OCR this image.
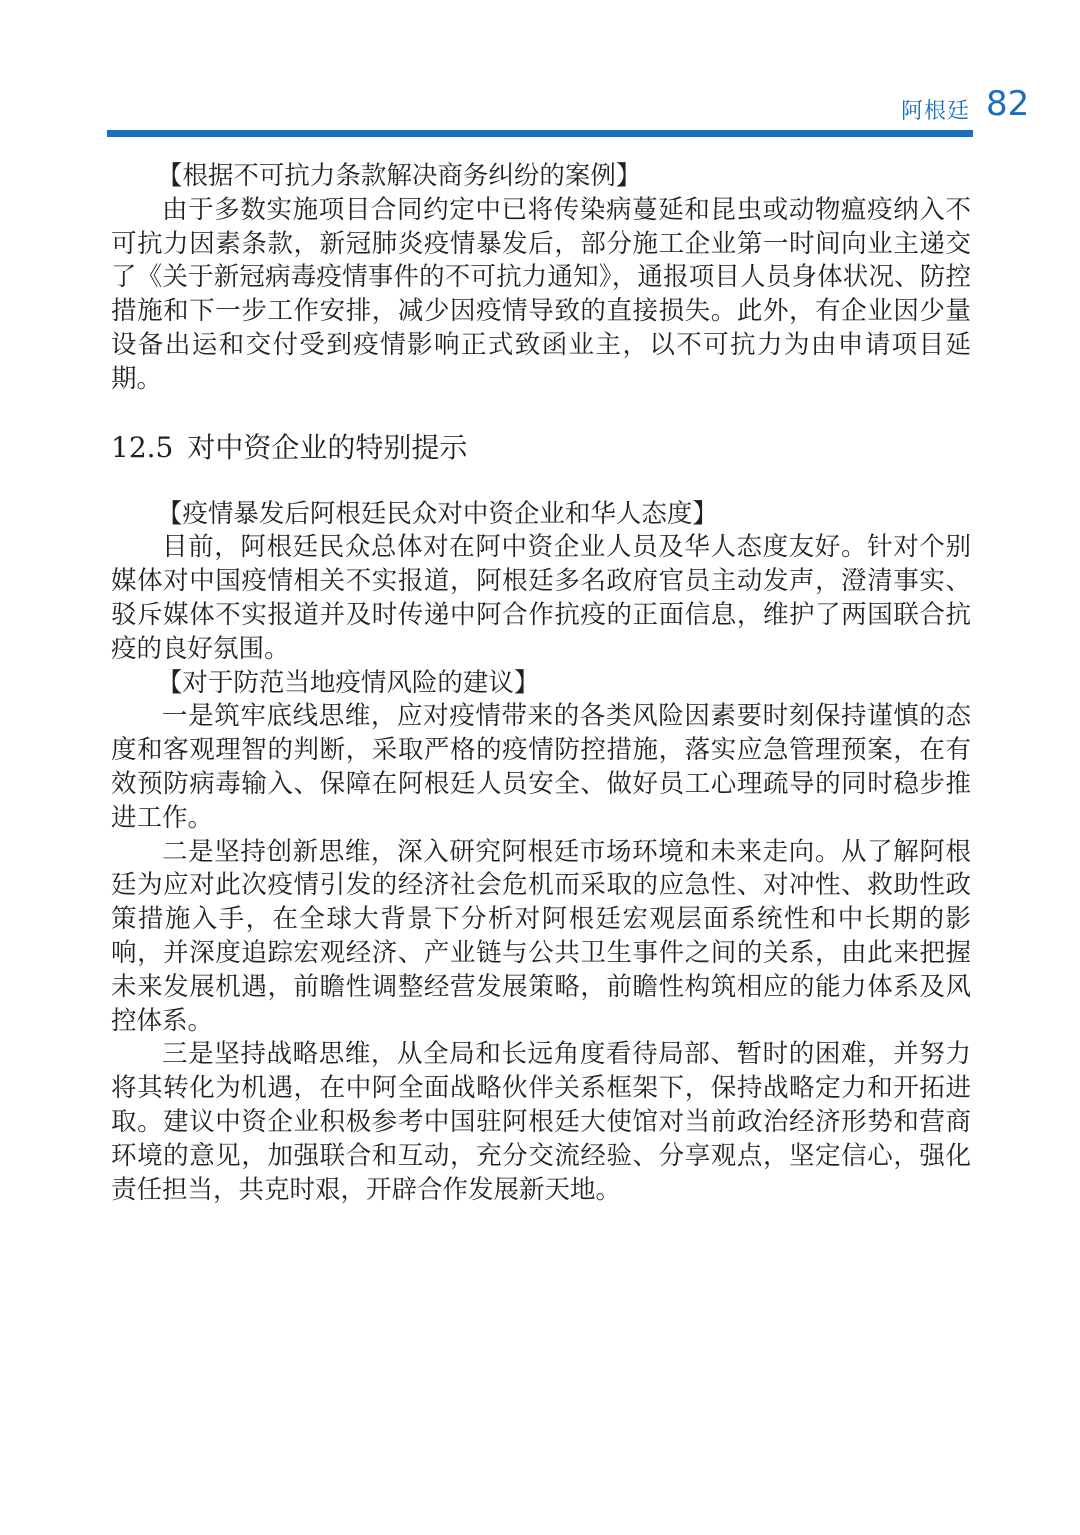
阿根廷 82

【根据不可抗力条款解决商务纠纷的案例】

由于多数实施项目合同约定中已将传染病蔓延和昆虫或动物瘟疫纳入不可抗力因素条款，新冠肺炎疫情暴发后，部分施工企业第一时间向业主递交了《关于新冠病毒疫情事件的不可抗力通知》，通报项目人员身体状况、防控措施和下一步工作安排，减少因疫情导致的直接损失。此外，有企业因少量设备出运和交付受到疫情影响正式致函业主，以不可抗力为由申请项目延期。

12.5 对中资企业的特别提示

【疫情暴发后阿根廷民众对中资企业和华人态度】

目前，阿根廷民众总体对在阿中资企业人员及华人态度友好。针对个别媒体对中国疫情相关不实报道，阿根廷多名政府官员主动发声，澄清事实、驳斥媒体不实报道并及时传递中阿合作抗疫的正面信息，维护了两国联合抗疫的良好氛围。

【对于防范当地疫情风险的建议】

一是筑牢底线思维，应对疫情带来的各类风险因素要时刻保持谨慎的态度和客观理智的判断，采取严格的疫情防控措施，落实应急管理预案，在有效预防病毒输入、保障在阿根廷人员安全、做好员工心理疏导的同时稳步推进工作。

二是坚持创新思维，深入研究阿根廷市场环境和未来走向。从了解阿根廷为应对此次疫情引发的经济社会危机而采取的应急性、对冲性、救助性政策措施入手，在全球大背景下分析对阿根廷宏观层面系统性和中长期的影响，并深度追踪宏观经济、产业链与公共卫生事件之间的关系，由此来把握未来发展机遇，前瞻性调整经营发展策略，前瞻性构筑相应的能力体系及风控体系。

三是坚持战略思维，从全局和长远角度看待局部、暂时的困难，并努力将其转化为机遇，在中阿全面战略伙伴关系框架下，保持战略定力和开拓进取。建议中资企业积极参考中国驻阿根廷大使馆对当前政治经济形势和营商环境的意见，加强联合和互动，充分交流经验、分享观点，坚定信心，强化责任担当，共克时艰，开辟合作发展新天地。
